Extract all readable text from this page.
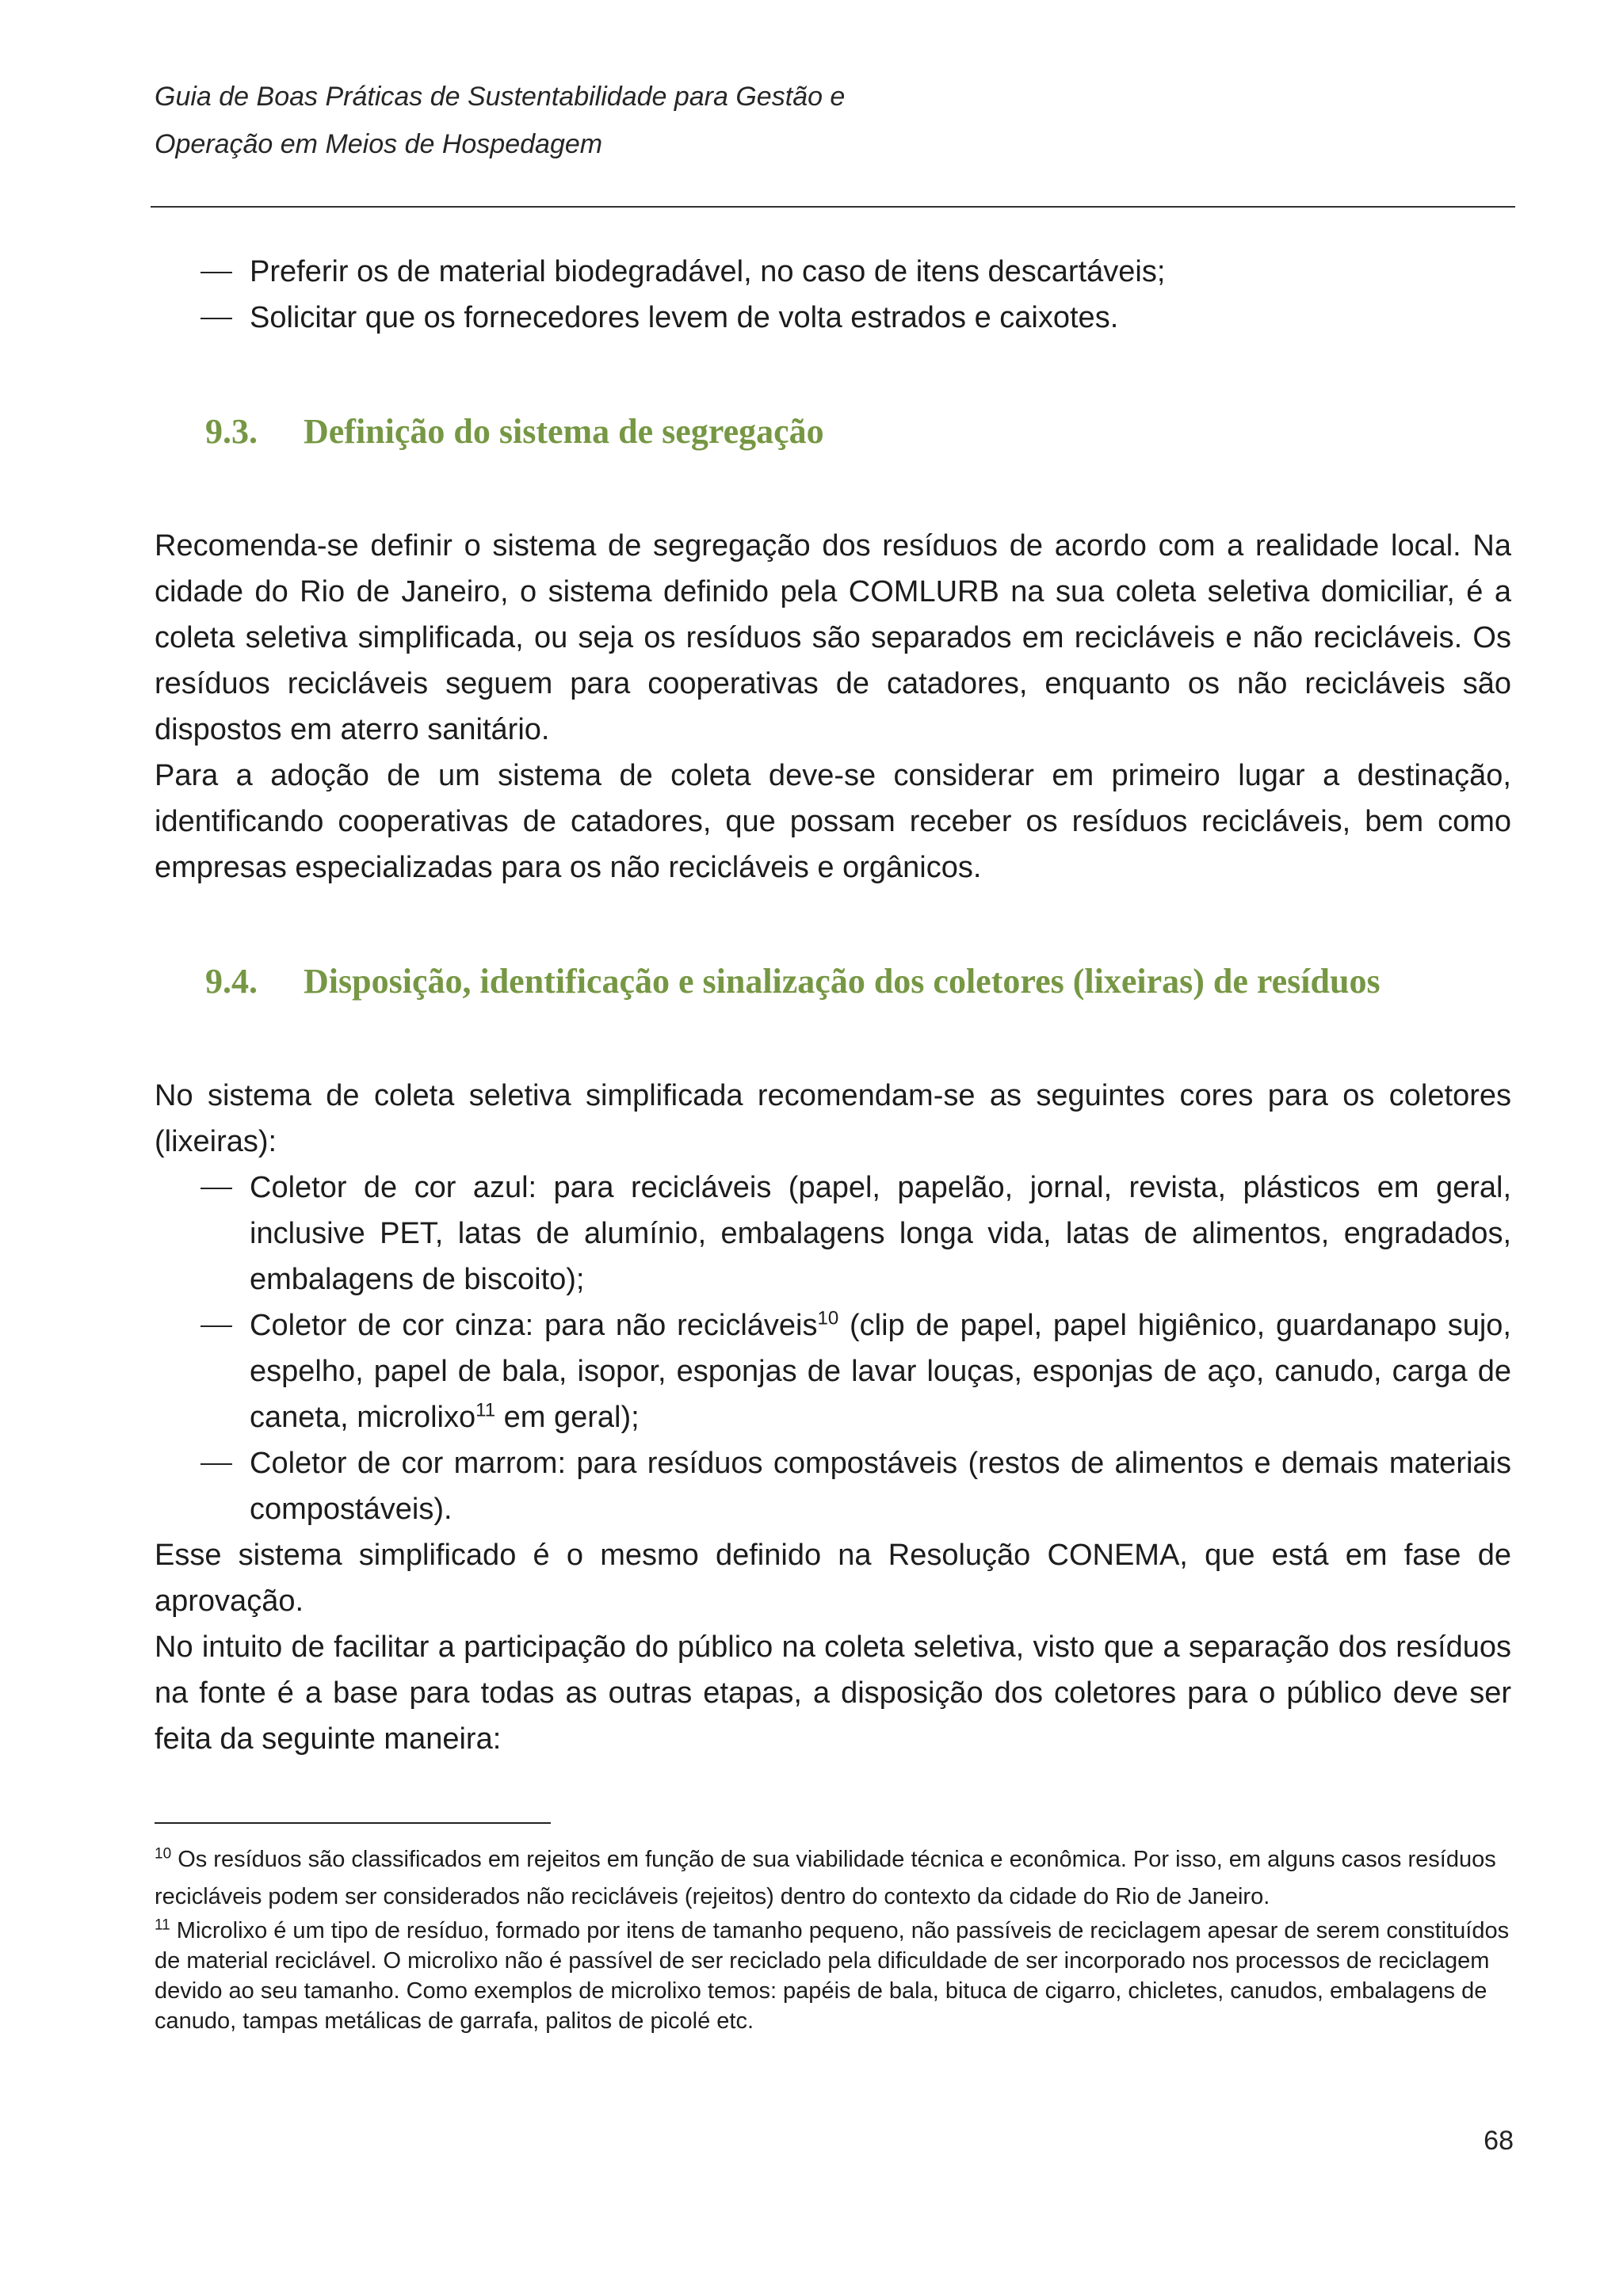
Guia de Boas Práticas de Sustentabilidade para Gestão e
Operação em Meios de Hospedagem
Preferir os de material biodegradável, no caso de itens descartáveis;
Solicitar que os fornecedores levem de volta estrados e caixotes.
9.3. Definição do sistema de segregação

Recomenda-se definir o sistema de segregação dos resíduos de acordo com a realidade local. Na cidade do Rio de Janeiro, o sistema definido pela COMLURB na sua coleta seletiva domiciliar, é a coleta seletiva simplificada, ou seja os resíduos são separados em recicláveis e não recicláveis. Os resíduos recicláveis seguem para cooperativas de catadores, enquanto os não recicláveis são dispostos em aterro sanitário.

Para a adoção de um sistema de coleta deve-se considerar em primeiro lugar a destinação, identificando cooperativas de catadores, que possam receber os resíduos recicláveis, bem como empresas especializadas para os não recicláveis e orgânicos.

9.4. Disposição, identificação e sinalização dos coletores (lixeiras) de resíduos

No sistema de coleta seletiva simplificada recomendam-se as seguintes cores para os coletores (lixeiras):

Coletor de cor azul: para recicláveis (papel, papelão, jornal, revista, plásticos em geral, inclusive PET, latas de alumínio, embalagens longa vida, latas de alimentos, engradados, embalagens de biscoito);
Coletor de cor cinza: para não recicláveis$^{10}$ (clip de papel, papel higiênico, guardanapo sujo, espelho, papel de bala, isopor, esponjas de lavar louças, esponjas de aço, canudo, carga de caneta, microlixo$^{11}$ em geral);
Coletor de cor marrom: para resíduos compostáveis (restos de alimentos e demais materiais compostáveis).

Esse sistema simplificado é o mesmo definido na Resolução CONEMA, que está em fase de aprovação.

No intuito de facilitar a participação do público na coleta seletiva, visto que a separação dos resíduos na fonte é a base para todas as outras etapas, a disposição dos coletores para o público deve ser feita da seguinte maneira:

$^{10}$ Os resíduos são classificados em rejeitos em função de sua viabilidade técnica e econômica. Por isso, em alguns casos resíduos recicláveis podem ser considerados não recicláveis (rejeitos) dentro do contexto da cidade do Rio de Janeiro.

$^{11}$ Microlixo é um tipo de resíduo, formado por itens de tamanho pequeno, não passíveis de reciclagem apesar de serem constituídos de material reciclável. O microlixo não é passível de ser reciclado pela dificuldade de ser incorporado nos processos de reciclagem devido ao seu tamanho. Como exemplos de microlixo temos: papéis de bala, bituca de cigarro, chicletes, canudos, embalagens de canudo, tampas metálicas de garrafa, palitos de picolé etc.

68
